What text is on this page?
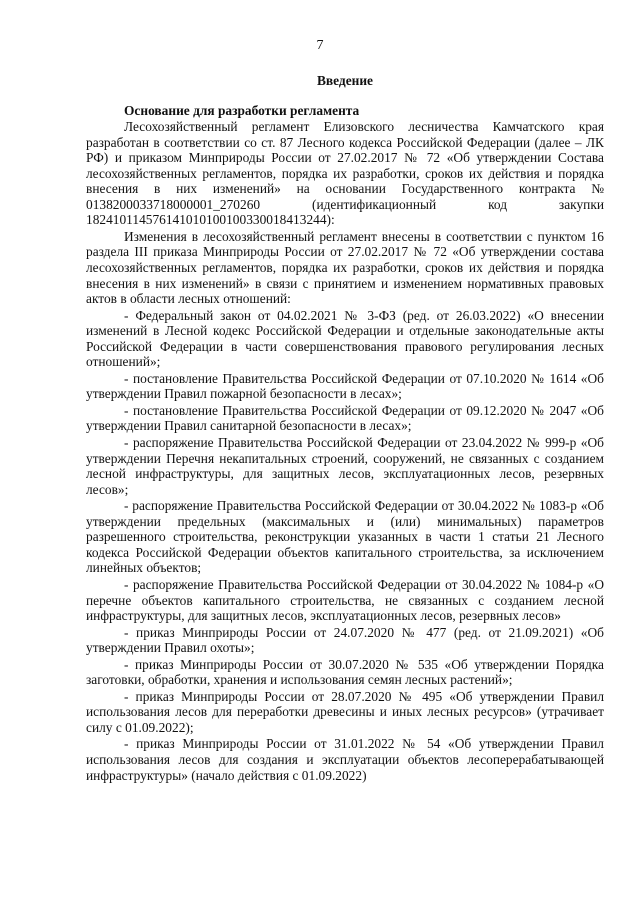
7
Введение
Основание для разработки регламента

Лесохозяйственный регламент Елизовского лесничества Камчатского края разработан в соответствии со ст. 87 Лесного кодекса Российской Федерации (далее – ЛК РФ) и приказом Минприроды России от 27.02.2017 № 72 «Об утверждении Состава лесохозяйственных регламентов, порядка их разработки, сроков их действия и порядка внесения в них изменений» на основании Государственного контракта № 0138200033718000001_270260 (идентификационный код закупки 182410114576141010100100330018413244):

Изменения в лесохозяйственный регламент внесены в соответствии с пунктом 16 раздела III приказа Минприроды России от 27.02.2017 № 72 «Об утверждении состава лесохозяйственных регламентов, порядка их разработки, сроков их действия и порядка внесения в них изменений» в связи с принятием и изменением нормативных правовых актов в области лесных отношений:

- Федеральный закон от 04.02.2021 № 3-ФЗ (ред. от 26.03.2022) «О внесении изменений в Лесной кодекс Российской Федерации и отдельные законодательные акты Российской Федерации в части совершенствования правового регулирования лесных отношений»;

- постановление Правительства Российской Федерации от 07.10.2020 № 1614 «Об утверждении Правил пожарной безопасности в лесах»;

- постановление Правительства Российской Федерации от 09.12.2020 № 2047 «Об утверждении Правил санитарной безопасности в лесах»;

- распоряжение Правительства Российской Федерации от 23.04.2022 № 999-р «Об утверждении Перечня некапитальных строений, сооружений, не связанных с созданием лесной инфраструктуры, для защитных лесов, эксплуатационных лесов, резервных лесов»;

- распоряжение Правительства Российской Федерации от 30.04.2022 № 1083-р «Об утверждении предельных (максимальных и (или) минимальных) параметров разрешенного строительства, реконструкции указанных в части 1 статьи 21 Лесного кодекса Российской Федерации объектов капитального строительства, за исключением линейных объектов;

- распоряжение Правительства Российской Федерации от 30.04.2022 № 1084-р «О перечне объектов капитального строительства, не связанных с созданием лесной инфраструктуры, для защитных лесов, эксплуатационных лесов, резервных лесов»

- приказ Минприроды России от 24.07.2020 № 477 (ред. от 21.09.2021) «Об утверждении Правил охоты»;

- приказ Минприроды России от 30.07.2020 № 535 «Об утверждении Порядка заготовки, обработки, хранения и использования семян лесных растений»;

- приказ Минприроды России от 28.07.2020 № 495 «Об утверждении Правил использования лесов для переработки древесины и иных лесных ресурсов» (утрачивает силу с 01.09.2022);

- приказ Минприроды России от 31.01.2022 № 54 «Об утверждении Правил использования лесов для создания и эксплуатации объектов лесоперерабатывающей инфраструктуры» (начало действия с 01.09.2022)
